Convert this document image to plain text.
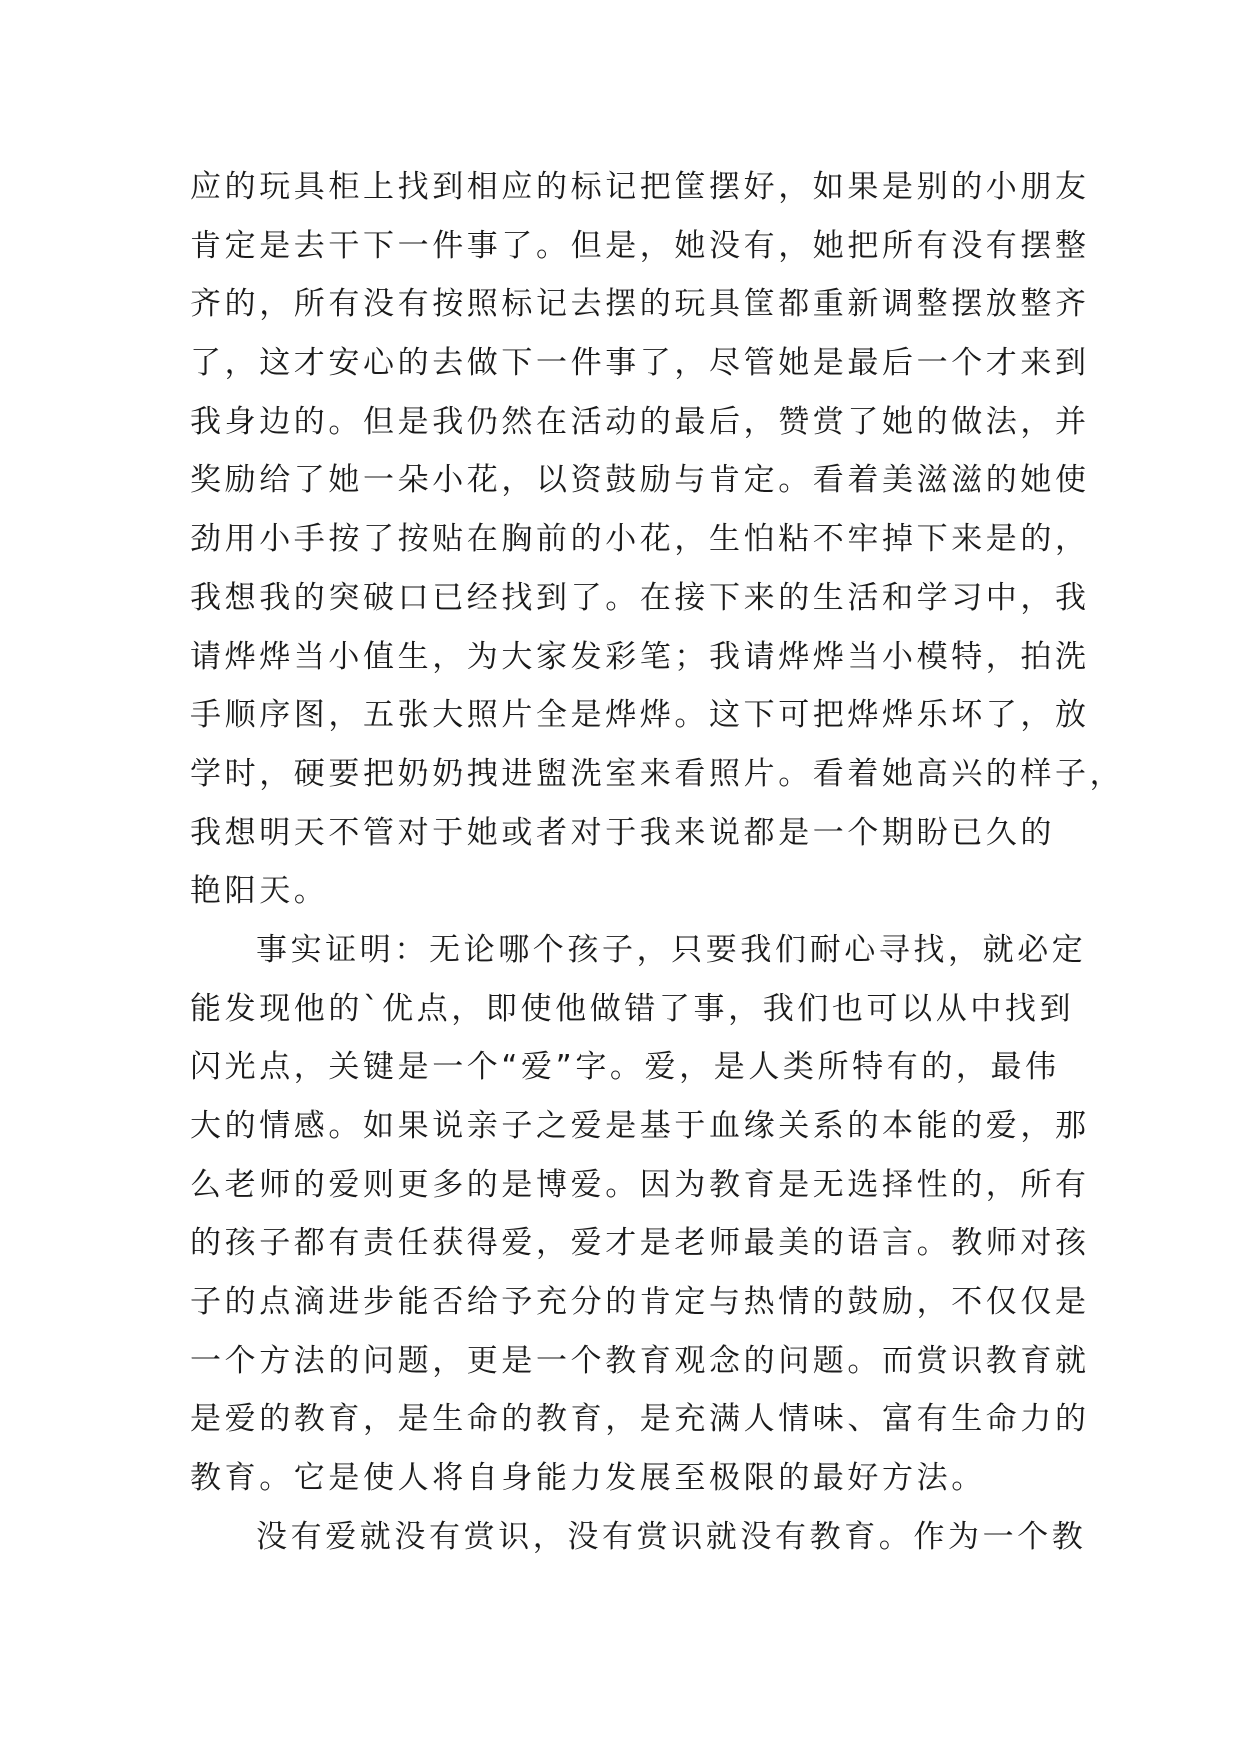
应的玩具柜上找到相应的标记把筐摆好，如果是别的小朋友
肯定是去干下一件事了。但是，她没有，她把所有没有摆整
齐的，所有没有按照标记去摆的玩具筐都重新调整摆放整齐
了，这才安心的去做下一件事了，尽管她是最后一个才来到
我身边的。但是我仍然在活动的最后，赞赏了她的做法，并
奖励给了她一朵小花，以资鼓励与肯定。看着美滋滋的她使
劲用小手按了按贴在胸前的小花，生怕粘不牢掉下来是的，
我想我的突破口已经找到了。在接下来的生活和学习中，我
请烨烨当小值生，为大家发彩笔；我请烨烨当小模特，拍洗
手顺序图，五张大照片全是烨烨。这下可把烨烨乐坏了，放
学时，硬要把奶奶拽进盥洗室来看照片。看着她高兴的样子，
我想明天不管对于她或者对于我来说都是一个期盼已久的
艳阳天。
事实证明：无论哪个孩子，只要我们耐心寻找，就必定
能发现他的`优点，即使他做错了事，我们也可以从中找到
闪光点，关键是一个“爱”字。爱，是人类所特有的，最伟
大的情感。如果说亲子之爱是基于血缘关系的本能的爱，那
么老师的爱则更多的是博爱。因为教育是无选择性的，所有
的孩子都有责任获得爱，爱才是老师最美的语言。教师对孩
子的点滴进步能否给予充分的肯定与热情的鼓励，不仅仅是
一个方法的问题，更是一个教育观念的问题。而赏识教育就
是爱的教育，是生命的教育，是充满人情味、富有生命力的
教育。它是使人将自身能力发展至极限的最好方法。
没有爱就没有赏识，没有赏识就没有教育。作为一个教
